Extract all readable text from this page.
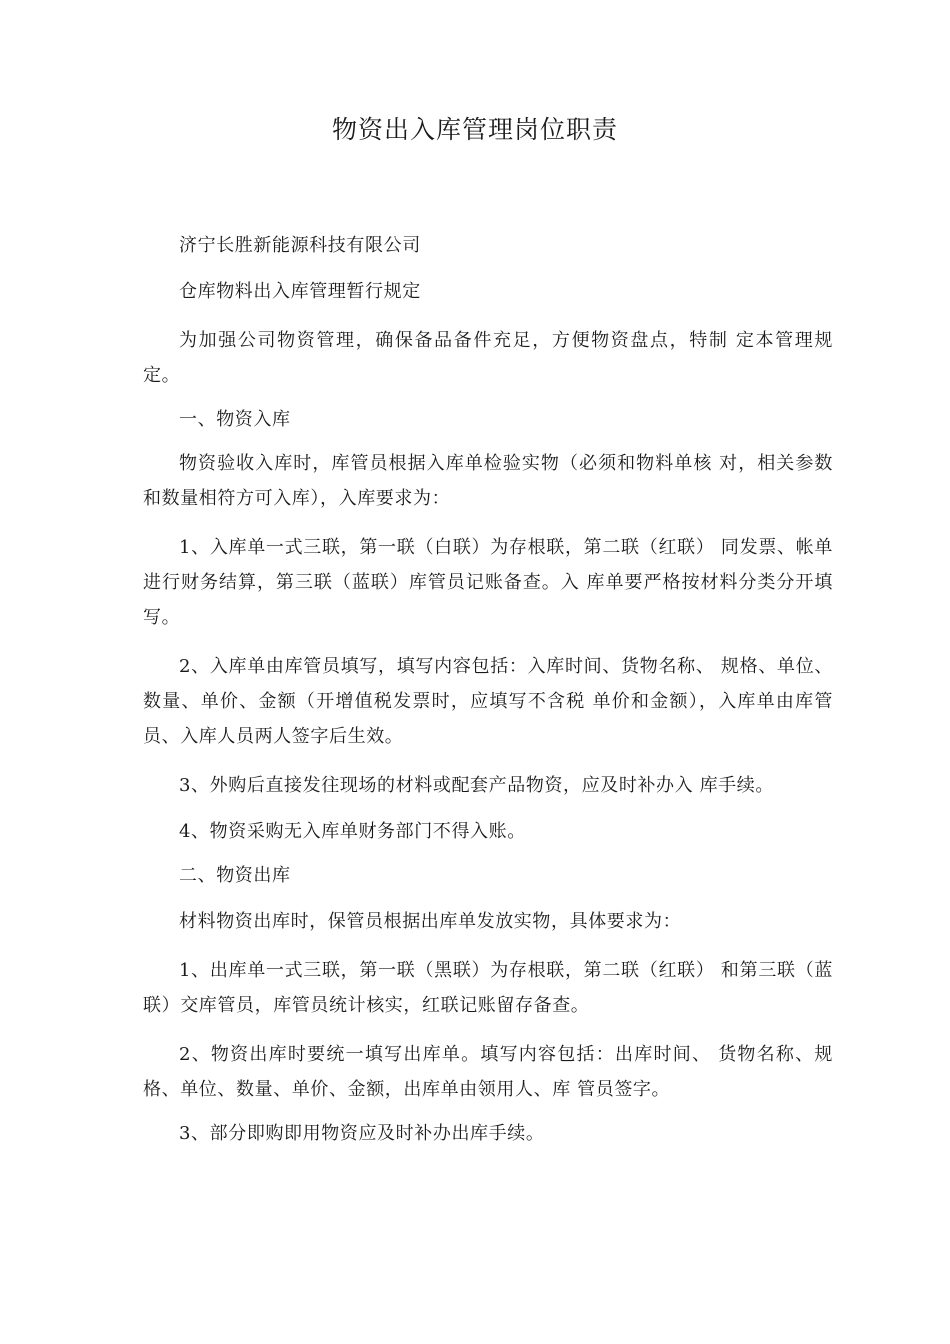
物资出入库管理岗位职责

济宁长胜新能源科技有限公司

仓库物料出入库管理暂行规定

为加强公司物资管理，确保备品备件充足，方便物资盘点，特制 定本管理规定。

一、物资入库

物资验收入库时，库管员根据入库单检验实物（必须和物料单核 对，相关参数和数量相符方可入库），入库要求为：

1、入库单一式三联，第一联（白联）为存根联，第二联（红联） 同发票、帐单进行财务结算，第三联（蓝联）库管员记账备查。入 库单要严格按材料分类分开填写。

2、入库单由库管员填写，填写内容包括：入库时间、货物名称、 规格、单位、数量、单价、金额（开增值税发票时，应填写不含税 单价和金额），入库单由库管员、入库人员两人签字后生效。

3、外购后直接发往现场的材料或配套产品物资，应及时补办入 库手续。

4、物资采购无入库单财务部门不得入账。

二、物资出库

材料物资出库时，保管员根据出库单发放实物，具体要求为：

1、出库单一式三联，第一联（黑联）为存根联，第二联（红联） 和第三联（蓝联）交库管员，库管员统计核实，红联记账留存备查。

2、物资出库时要统一填写出库单。填写内容包括：出库时间、 货物名称、规格、单位、数量、单价、金额，出库单由领用人、库 管员签字。

3、部分即购即用物资应及时补办出库手续。
